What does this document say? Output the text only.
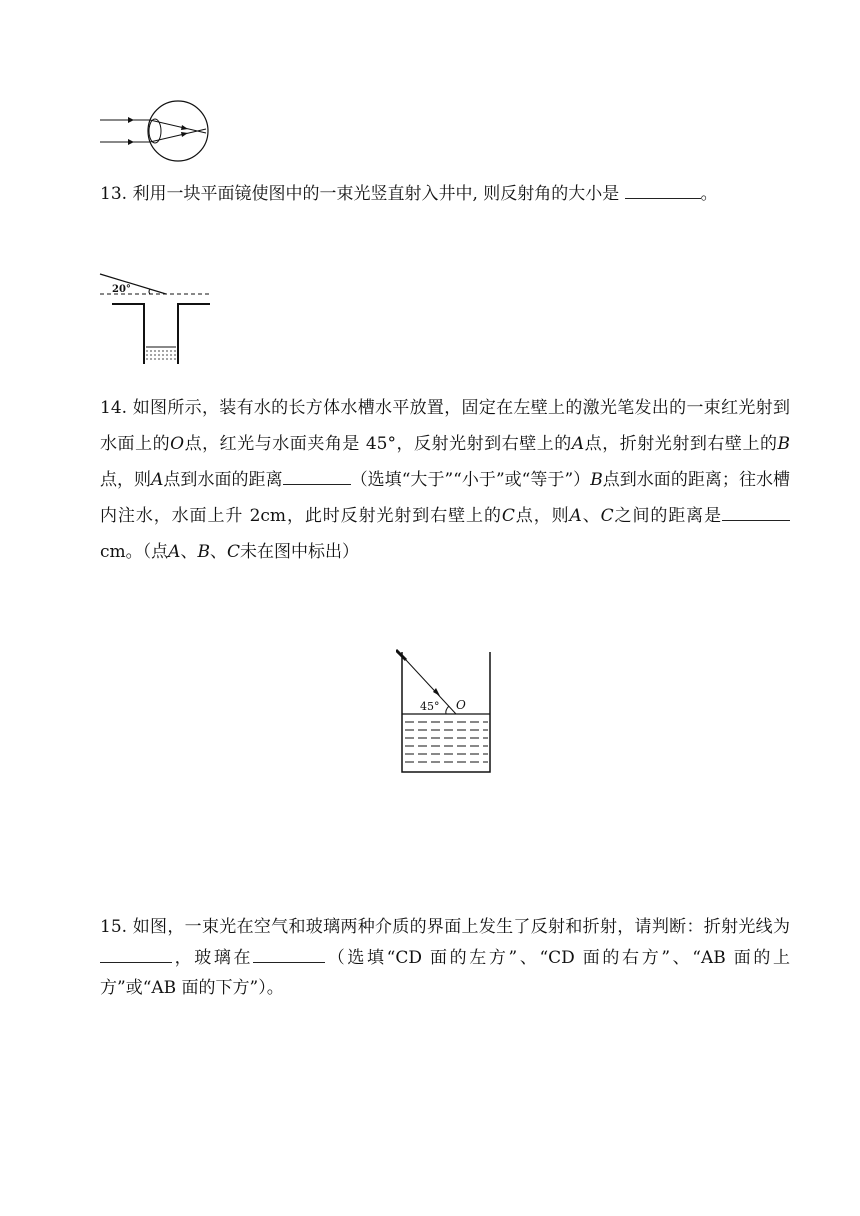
13. 利用一块平面镜使图中的一束光竖直射入井中, 则反射角的大小是	。
20°
14. 如图所示，装有水的长方体水槽水平放置，固定在左壁上的激光笔发出的一束红光射到水面上的O点，红光与水面夹角是 45°，反射光射到右壁上的A点，折射光射到右壁上的B点，则A点到水面的距离	（选填“大于”“小于”或“等于”）B点到水面的距离；往水槽内注水，水面上升 2cm，此时反射光射到右壁上的C点，则A、C之间的距离是cm。（点A、B、C未在图中标出）
45° O
15. 如图，一束光在空气和玻璃两种介质的界面上发生了反射和折射，请判断：折射光线为，玻璃在	（选填“CD 面的左方”、“CD 面的右方”、“AB 面的上方”或“AB 面的下方”）。
